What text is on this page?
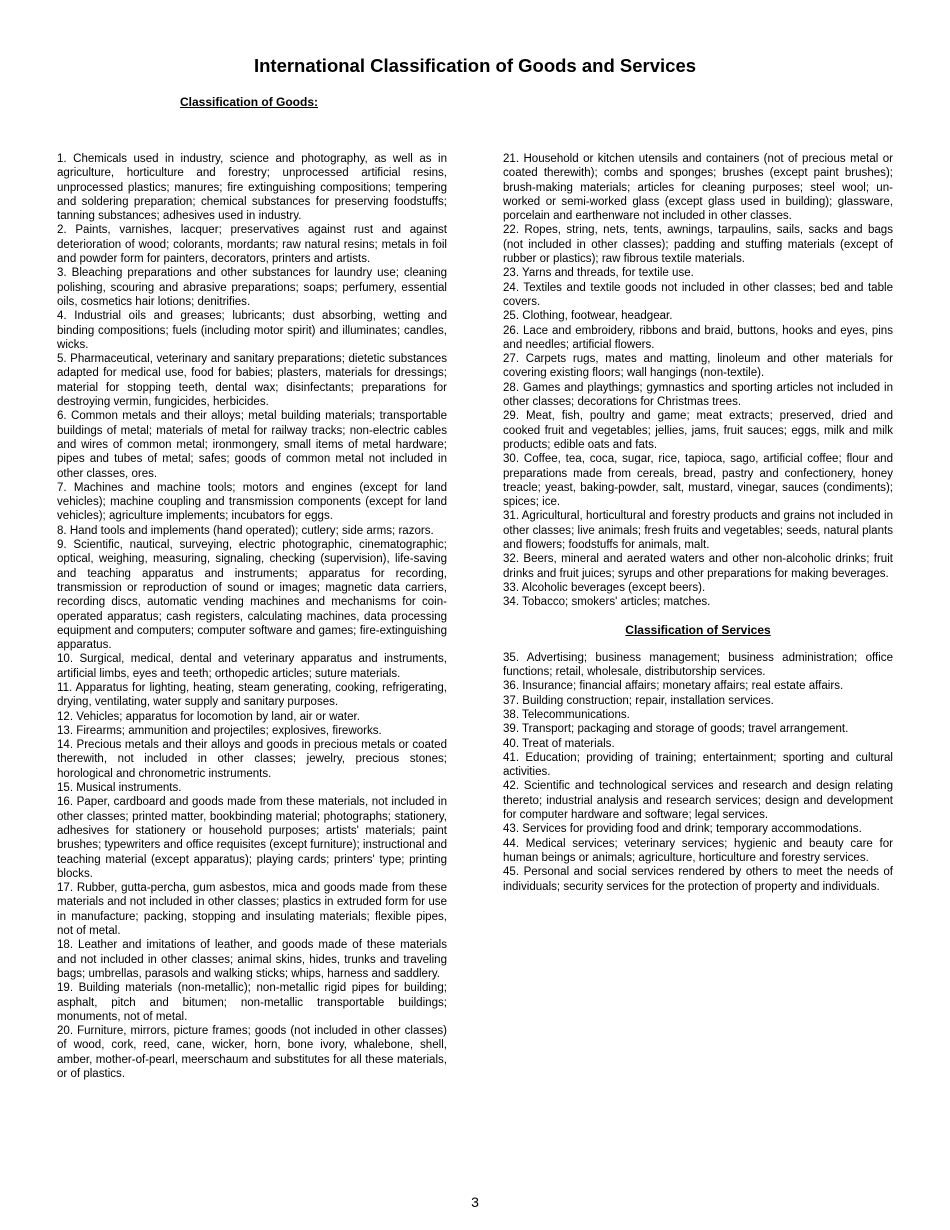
International Classification of Goods and Services
Classification of Goods:

1. Chemicals used in industry, science and photography, as well as in agriculture, horticulture and forestry; unprocessed artificial resins, unprocessed plastics; manures; fire extinguishing compositions; tempering and soldering preparation; chemical substances for preserving foodstuffs; tanning substances; adhesives used in industry.

2. Paints, varnishes, lacquer; preservatives against rust and against deterioration of wood; colorants, mordants; raw natural resins; metals in foil and powder form for painters, decorators, printers and artists.

3. Bleaching preparations and other substances for laundry use; cleaning polishing, scouring and abrasive preparations; soaps; perfumery, essential oils, cosmetics hair lotions; denitrifies.

4. Industrial oils and greases; lubricants; dust absorbing, wetting and binding compositions; fuels (including motor spirit) and illuminates; candles, wicks.

5. Pharmaceutical, veterinary and sanitary preparations; dietetic substances adapted for medical use, food for babies; plasters, materials for dressings; material for stopping teeth, dental wax; disinfectants; preparations for destroying vermin, fungicides, herbicides.

6. Common metals and their alloys; metal building materials; transportable buildings of metal; materials of metal for railway tracks; non-electric cables and wires of common metal; ironmongery, small items of metal hardware; pipes and tubes of metal; safes; goods of common metal not included in other classes, ores.

7. Machines and machine tools; motors and engines (except for land vehicles); machine coupling and transmission components (except for land vehicles); agriculture implements; incubators for eggs.

8. Hand tools and implements (hand operated); cutlery; side arms; razors.

9. Scientific, nautical, surveying, electric photographic, cinematographic; optical, weighing, measuring, signaling, checking (supervision), life-saving and teaching apparatus and instruments; apparatus for recording, transmission or reproduction of sound or images; magnetic data carriers, recording discs, automatic vending machines and mechanisms for coin-operated apparatus; cash registers, calculating machines, data processing equipment and computers; computer software and games; fire-extinguishing apparatus.

10. Surgical, medical, dental and veterinary apparatus and instruments, artificial limbs, eyes and teeth; orthopedic articles; suture materials.

11. Apparatus for lighting, heating, steam generating, cooking, refrigerating, drying, ventilating, water supply and sanitary purposes.

12. Vehicles; apparatus for locomotion by land, air or water.

13. Firearms; ammunition and projectiles; explosives, fireworks.

14. Precious metals and their alloys and goods in precious metals or coated therewith, not included in other classes; jewelry, precious stones; horological and chronometric instruments.

15. Musical instruments.

16. Paper, cardboard and goods made from these materials, not included in other classes; printed matter, bookbinding material; photographs; stationery, adhesives for stationery or household purposes; artists' materials; paint brushes; typewriters and office requisites (except furniture); instructional and teaching material (except apparatus); playing cards; printers' type; printing blocks.

17. Rubber, gutta-percha, gum asbestos, mica and goods made from these materials and not included in other classes; plastics in extruded form for use in manufacture; packing, stopping and insulating materials; flexible pipes, not of metal.

18. Leather and imitations of leather, and goods made of these materials and not included in other classes; animal skins, hides, trunks and traveling bags; umbrellas, parasols and walking sticks; whips, harness and saddlery.

19. Building materials (non-metallic); non-metallic rigid pipes for building; asphalt, pitch and bitumen; non-metallic transportable buildings; monuments, not of metal.

20. Furniture, mirrors, picture frames; goods (not included in other classes) of wood, cork, reed, cane, wicker, horn, bone ivory, whalebone, shell, amber, mother-of-pearl, meerschaum and substitutes for all these materials, or of plastics.

21. Household or kitchen utensils and containers (not of precious metal or coated therewith); combs and sponges; brushes (except paint brushes); brush-making materials; articles for cleaning purposes; steel wool; un-worked or semi-worked glass (except glass used in building); glassware, porcelain and earthenware not included in other classes.

22. Ropes, string, nets, tents, awnings, tarpaulins, sails, sacks and bags (not included in other classes); padding and stuffing materials (except of rubber or plastics); raw fibrous textile materials.

23. Yarns and threads, for textile use.

24. Textiles and textile goods not included in other classes; bed and table covers.

25. Clothing, footwear, headgear.

26. Lace and embroidery, ribbons and braid, buttons, hooks and eyes, pins and needles; artificial flowers.

27. Carpets rugs, mates and matting, linoleum and other materials for covering existing floors; wall hangings (non-textile).

28. Games and playthings; gymnastics and sporting articles not included in other classes; decorations for Christmas trees.

29. Meat, fish, poultry and game; meat extracts; preserved, dried and cooked fruit and vegetables; jellies, jams, fruit sauces; eggs, milk and milk products; edible oats and fats.

30. Coffee, tea, coca, sugar, rice, tapioca, sago, artificial coffee; flour and preparations made from cereals, bread, pastry and confectionery, honey treacle; yeast, baking-powder, salt, mustard, vinegar, sauces (condiments); spices; ice.

31. Agricultural, horticultural and forestry products and grains not included in other classes; live animals; fresh fruits and vegetables; seeds, natural plants and flowers; foodstuffs for animals, malt.

32. Beers, mineral and aerated waters and other non-alcoholic drinks; fruit drinks and fruit juices; syrups and other preparations for making beverages.

33. Alcoholic beverages (except beers).

34. Tobacco; smokers' articles; matches.

Classification of Services

35. Advertising; business management; business administration; office functions; retail, wholesale, distributorship services.

36. Insurance; financial affairs; monetary affairs; real estate affairs.

37. Building construction; repair, installation services.

38. Telecommunications.

39. Transport; packaging and storage of goods; travel arrangement.

40. Treat of materials.

41. Education; providing of training; entertainment; sporting and cultural activities.

42. Scientific and technological services and research and design relating thereto; industrial analysis and research services; design and development for computer hardware and software; legal services.

43. Services for providing food and drink; temporary accommodations.

44. Medical services; veterinary services; hygienic and beauty care for human beings or animals; agriculture, horticulture and forestry services.

45. Personal and social services rendered by others to meet the needs of individuals; security services for the protection of property and individuals.

3
